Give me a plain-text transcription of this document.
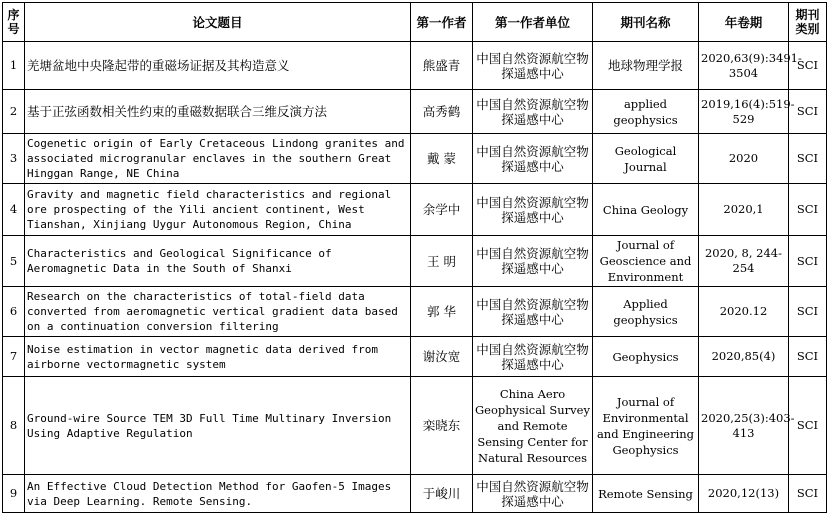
序号	论文题目	第一作者	第一作者单位	期刊名称	年卷期	期刊类别
1	羌塘盆地中央隆起带的重磁场证据及其构造意义	熊盛青	中国自然资源航空物探遥感中心	地球物理学报	2020,63(9):3491-3504	SCI
2	基于正弦函数相关性约束的重磁数据联合三维反演方法	高秀鹤	中国自然资源航空物探遥感中心	applied geophysics	2019,16(4):519-529	SCI
3	Cogenetic origin of Early Cretaceous Lindong granites and associated microgranular enclaves in the southern Great Hinggan Range, NE China	戴 蒙	中国自然资源航空物探遥感中心	Geological Journal	2020	SCI
4	Gravity and magnetic field characteristics and regional ore prospecting of the Yili ancient continent, West Tianshan, Xinjiang Uygur Autonomous Region, China	余学中	中国自然资源航空物探遥感中心	China Geology	2020,1	SCI
5	Characteristics and Geological Significance of Aeromagnetic Data in the South of Shanxi	王 明	中国自然资源航空物探遥感中心	Journal of Geoscience and Environment	2020, 8, 244-254	SCI
6	Research on the characteristics of total-field data converted from aeromagnetic vertical gradient data based on a continuation conversion filtering	郭 华	中国自然资源航空物探遥感中心	Applied geophysics	2020.12	SCI
7	Noise estimation in vector magnetic data derived from airborne vectormagnetic system	谢汝宽	中国自然资源航空物探遥感中心	Geophysics	2020,85(4)	SCI
8	Ground-wire Source TEM 3D Full Time Multinary Inversion Using Adaptive Regulation	栾晓东	China Aero Geophysical Survey and Remote Sensing Center for Natural Resources	Journal of Environmental and Engineering Geophysics	2020,25(3):403-413	SCI
9	An Effective Cloud Detection Method for Gaofen-5 Images via Deep Learning. Remote Sensing.	于峻川	中国自然资源航空物探遥感中心	Remote Sensing	2020,12(13)	SCI
